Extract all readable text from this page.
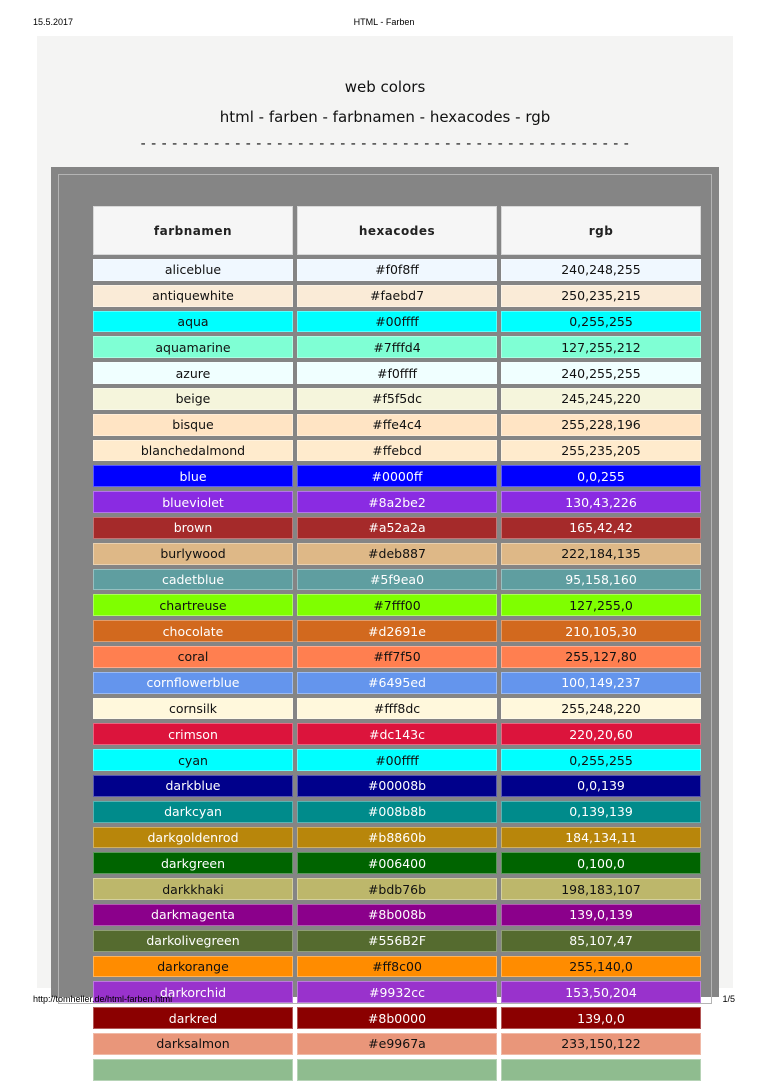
15.5.2017	HTML - Farben
web colors
html - farben - farbnamen - hexacodes - rgb
- - - - - - - - - - - - - - - - - - - - - - - - - - - - - - - - - - - - - - - - - - - - - - -
farbnamen	hexacodes	rgb
aliceblue	#f0f8ff	240,248,255
antiquewhite	#faebd7	250,235,215
aqua	#00ffff	0,255,255
aquamarine	#7fffd4	127,255,212
azure	#f0ffff	240,255,255
beige	#f5f5dc	245,245,220
bisque	#ffe4c4	255,228,196
blanchedalmond	#ffebcd	255,235,205
blue	#0000ff	0,0,255
blueviolet	#8a2be2	130,43,226
brown	#a52a2a	165,42,42
burlywood	#deb887	222,184,135
cadetblue	#5f9ea0	95,158,160
chartreuse	#7fff00	127,255,0
chocolate	#d2691e	210,105,30
coral	#ff7f50	255,127,80
cornflowerblue	#6495ed	100,149,237
cornsilk	#fff8dc	255,248,220
crimson	#dc143c	220,20,60
cyan	#00ffff	0,255,255
darkblue	#00008b	0,0,139
darkcyan	#008b8b	0,139,139
darkgoldenrod	#b8860b	184,134,11
darkgreen	#006400	0,100,0
darkkhaki	#bdb76b	198,183,107
darkmagenta	#8b008b	139,0,139
darkolivegreen	#556B2F	85,107,47
darkorange	#ff8c00	255,140,0
darkorchid	#9932cc	153,50,204
darkred	#8b0000	139,0,0
darksalmon	#e9967a	233,150,122

http://tomheller.de/html-farben.html	1/5
